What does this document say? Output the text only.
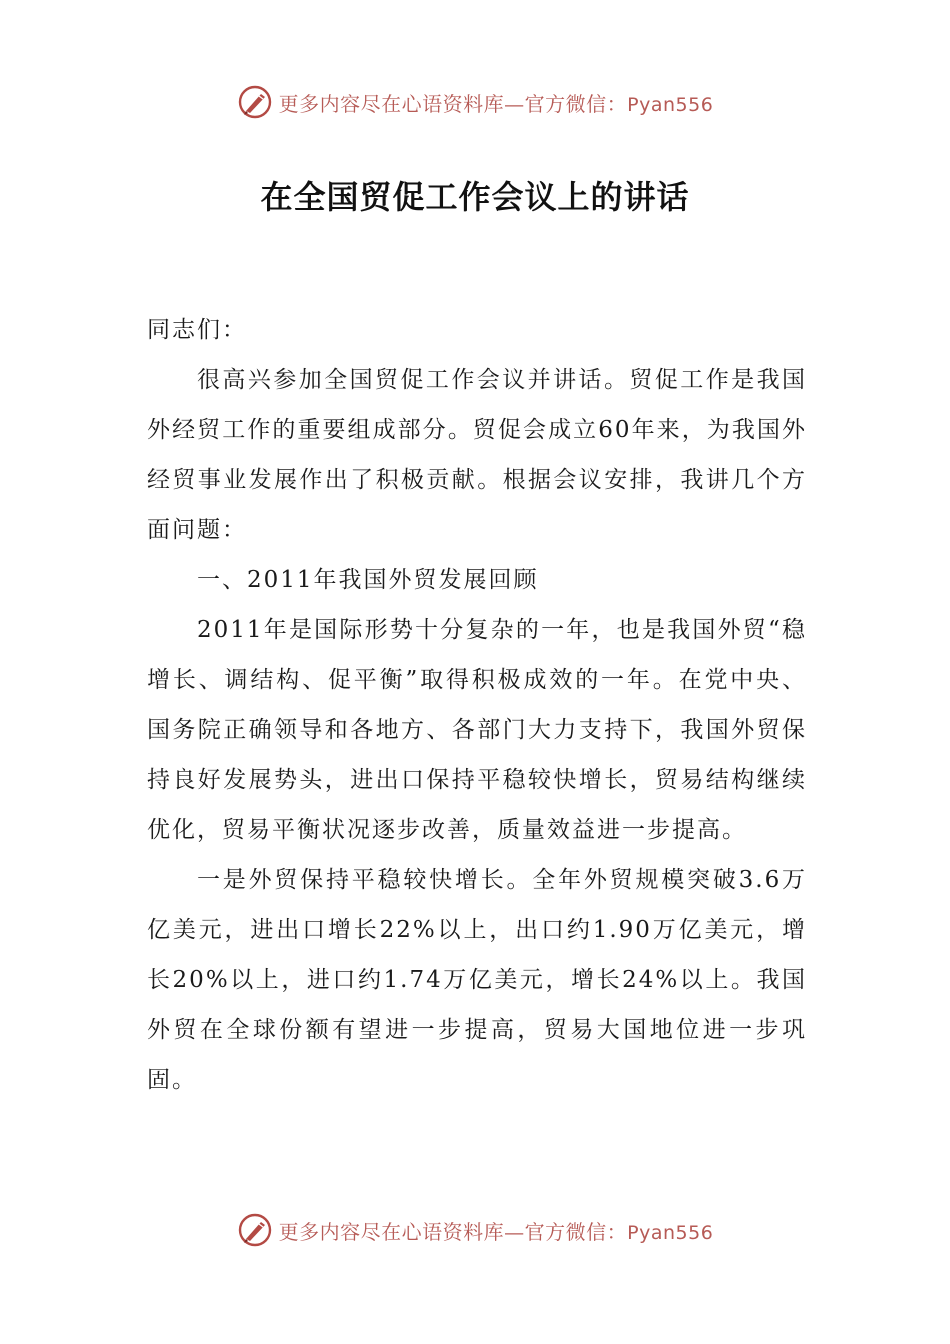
更多内容尽在心语资料库—官方微信：Pyan556
在全国贸促工作会议上的讲话

同志们：

很高兴参加全国贸促工作会议并讲话。贸促工作是我国外经贸工作的重要组成部分。贸促会成立60年来，为我国外经贸事业发展作出了积极贡献。根据会议安排，我讲几个方面问题：

一、2011年我国外贸发展回顾

2011年是国际形势十分复杂的一年，也是我国外贸“稳增长、调结构、促平衡”取得积极成效的一年。在党中央、国务院正确领导和各地方、各部门大力支持下，我国外贸保持良好发展势头，进出口保持平稳较快增长，贸易结构继续优化，贸易平衡状况逐步改善，质量效益进一步提高。

一是外贸保持平稳较快增长。全年外贸规模突破3.6万亿美元，进出口增长22%以上，出口约1.90万亿美元，增长20%以上，进口约1.74万亿美元，增长24%以上。我国外贸在全球份额有望进一步提高，贸易大国地位进一步巩固。

更多内容尽在心语资料库—官方微信：Pyan556
